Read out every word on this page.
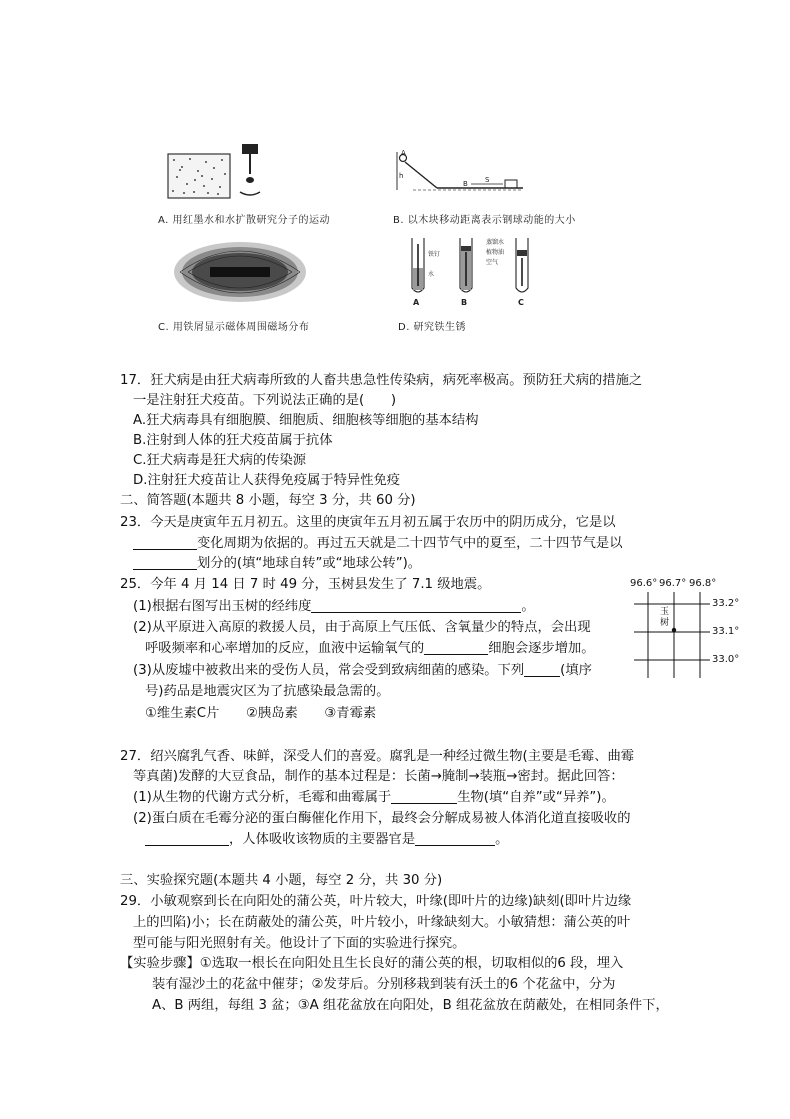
A. 用红墨水和水扩散研究分子的运动
A
h
B S
B. 以木块移动距离表示钢球动能的大小
C. 用铁屑显示磁体周围磁场分布
铁钉
水
蒸馏水
植物油
空气
A	B	C
D. 研究铁生锈
17．狂犬病是由狂犬病毒所致的人畜共患急性传染病，病死率极高。预防狂犬病的措施之
一是注射狂犬疫苗。下列说法正确的是(　　)
A.狂犬病毒具有细胞膜、细胞质、细胞核等细胞的基本结构
B.注射到人体的狂犬疫苗属于抗体
C.狂犬病毒是狂犬病的传染源
D.注射狂犬疫苗让人获得免疫属于特异性免疫
二、简答题(本题共 8 小题，每空 3 分，共 60 分)
23．今天是庚寅年五月初五。这里的庚寅年五月初五属于农历中的阴历成分，它是以
变化周期为依据的。再过五天就是二十四节气中的夏至，二十四节气是以
划分的(填“地球自转”或“地球公转”)。
25．今年 4 月 14 日 7 时 49 分，玉树县发生了 7.1 级地震。
(1)根据右图写出玉树的经纬度	。
(2)从平原进入高原的救援人员，由于高原上气压低、含氧量少的特点，会出现
呼吸频率和心率增加的反应，血液中运输氧气的	细胞会逐步增加。
(3)从废墟中被救出来的受伤人员，常会受到致病细菌的感染。下列	(填序
号)药品是地震灾区为了抗感染最急需的。
①维生素C片　　②胰岛素　　③青霉素
96.6° 96.7° 96.8°
玉
树
33.2°
33.1°
33.0°
27．绍兴腐乳气香、味鲜，深受人们的喜爱。腐乳是一种经过微生物(主要是毛霉、曲霉
等真菌)发酵的大豆食品，制作的基本过程是：长菌→腌制→装瓶→密封。据此回答：
(1)从生物的代谢方式分析，毛霉和曲霉属于	生物(填“自养”或“异养”)。
(2)蛋白质在毛霉分泌的蛋白酶催化作用下，最终会分解成易被人体消化道直接吸收的
，人体吸收该物质的主要器官是	。
三、实验探究题(本题共 4 小题，每空 2 分，共 30 分)
29．小敏观察到长在向阳处的蒲公英，叶片较大，叶缘(即叶片的边缘)缺刻(即叶片边缘
上的凹陷)小；长在荫蔽处的蒲公英，叶片较小，叶缘缺刻大。小敏猜想：蒲公英的叶
型可能与阳光照射有关。他设计了下面的实验进行探究。
【实验步骤】①选取一根长在向阳处且生长良好的蒲公英的根，切取相似的6 段，埋入
装有湿沙土的花盆中催芽；②发芽后。分别移栽到装有沃土的6 个花盆中，分为
A、B 两组，每组 3 盆；③A 组花盆放在向阳处，B 组花盆放在荫蔽处，在相同条件下，
